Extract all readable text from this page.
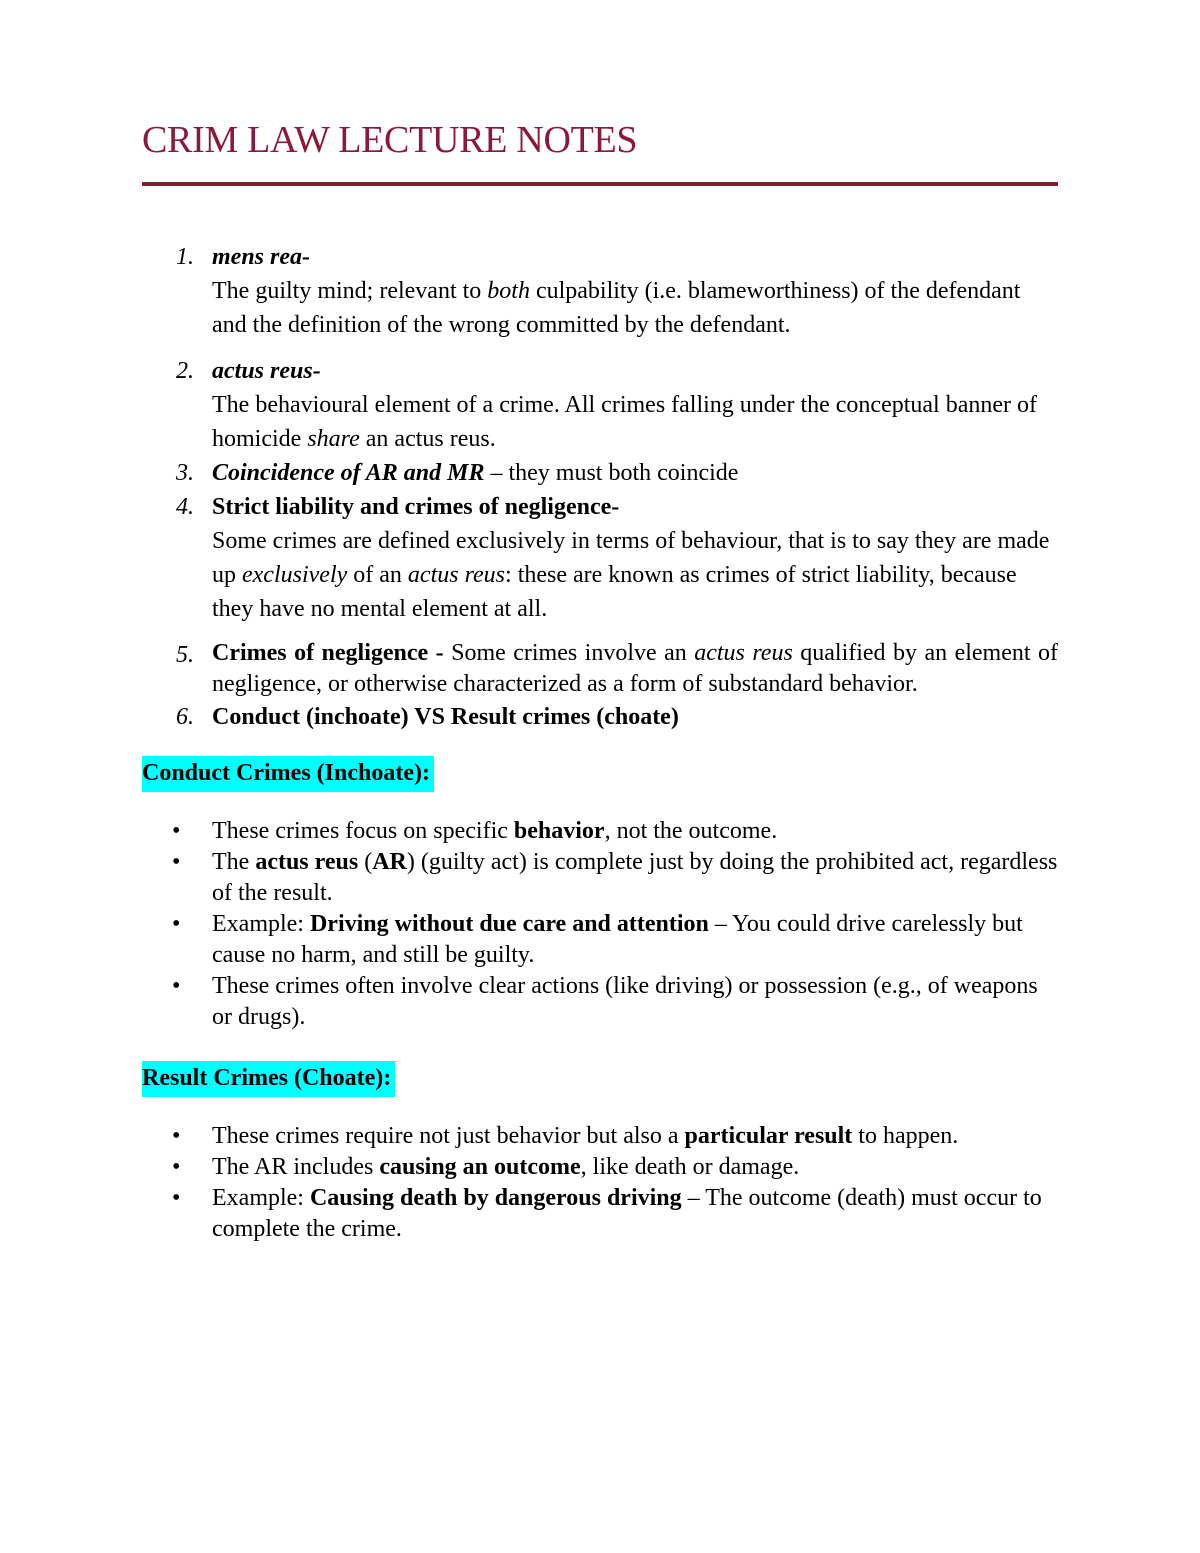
CRIM LAW LECTURE NOTES
1. mens rea-
The guilty mind; relevant to both culpability (i.e. blameworthiness) of the defendant and the definition of the wrong committed by the defendant.
2. actus reus-
The behavioural element of a crime. All crimes falling under the conceptual banner of homicide share an actus reus.
3. Coincidence of AR and MR – they must both coincide
4. Strict liability and crimes of negligence-
Some crimes are defined exclusively in terms of behaviour, that is to say they are made up exclusively of an actus reus: these are known as crimes of strict liability, because they have no mental element at all.
5. Crimes of negligence - Some crimes involve an actus reus qualified by an element of negligence, or otherwise characterized as a form of substandard behavior.
6. Conduct (inchoate) VS Result crimes (choate)
Conduct Crimes (Inchoate):
• These crimes focus on specific behavior, not the outcome.
• The actus reus (AR) (guilty act) is complete just by doing the prohibited act, regardless of the result.
• Example: Driving without due care and attention – You could drive carelessly but cause no harm, and still be guilty.
• These crimes often involve clear actions (like driving) or possession (e.g., of weapons or drugs).
Result Crimes (Choate):
• These crimes require not just behavior but also a particular result to happen.
• The AR includes causing an outcome, like death or damage.
• Example: Causing death by dangerous driving – The outcome (death) must occur to complete the crime.
